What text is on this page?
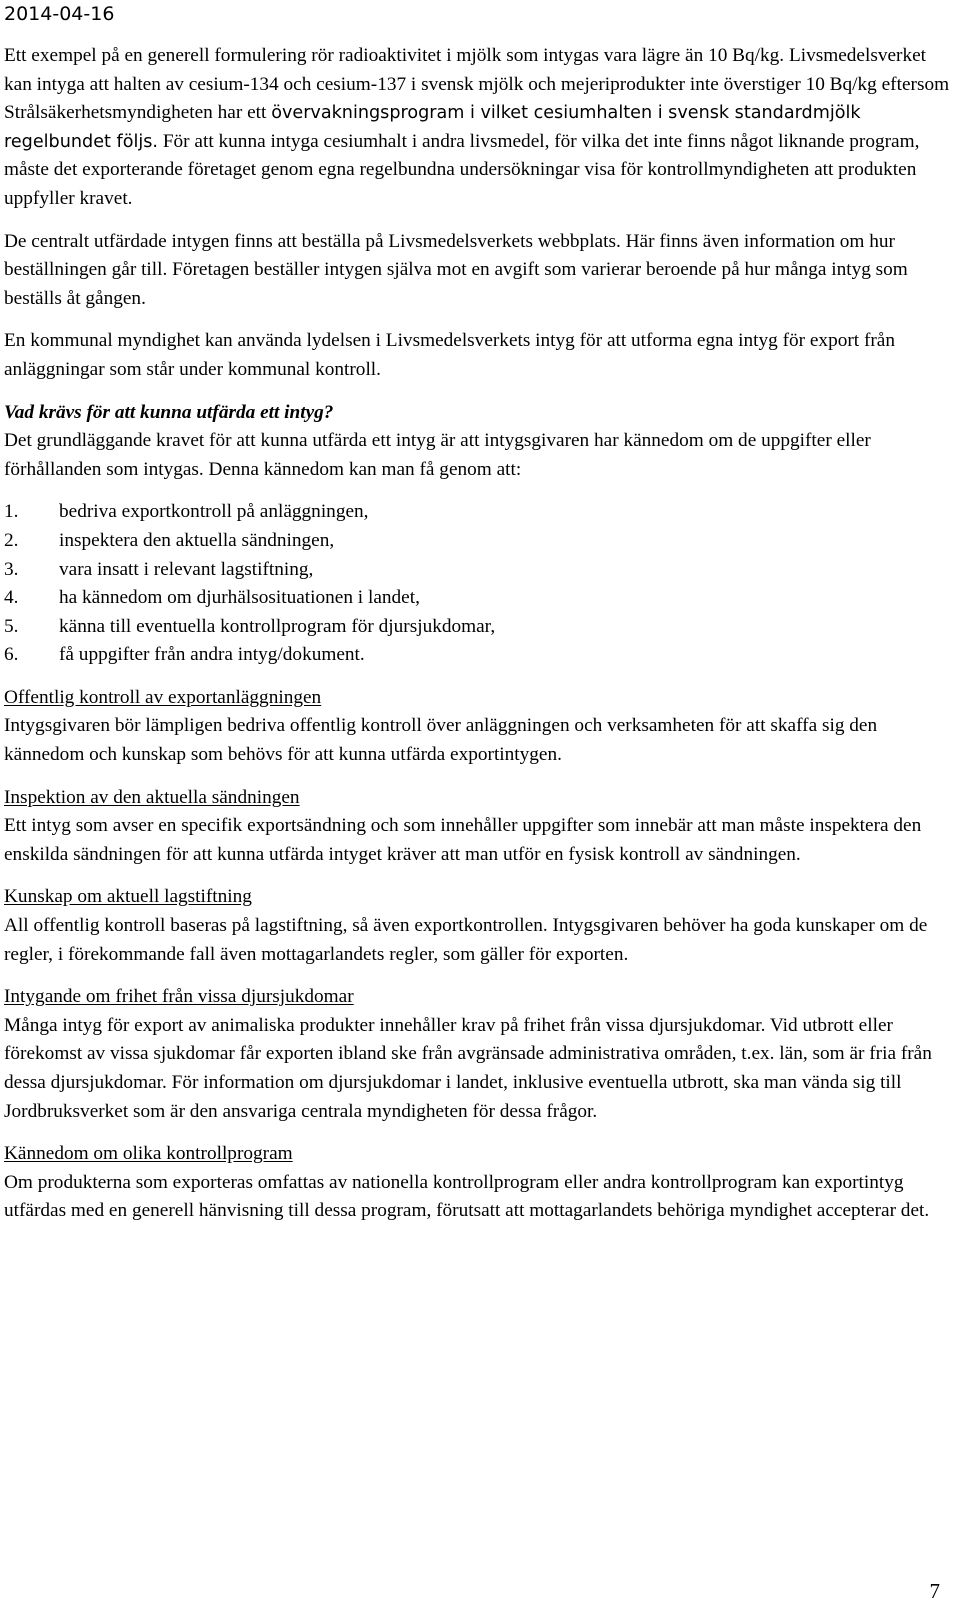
2014-04-16

Ett exempel på en generell formulering rör radioaktivitet i mjölk som intygas vara lägre än 10 Bq/kg. Livsmedelsverket kan intyga att halten av cesium-134 och cesium-137 i svensk mjölk och mejeriprodukter inte överstiger 10 Bq/kg eftersom Strålsäkerhetsmyndigheten har ett övervakningsprogram i vilket cesiumhalten i svensk standardmjölk regelbundet följs. För att kunna intyga cesiumhalt i andra livsmedel, för vilka det inte finns något liknande program, måste det exporterande företaget genom egna regelbundna undersökningar visa för kontrollmyndigheten att produkten uppfyller kravet.

De centralt utfärdade intygen finns att beställa på Livsmedelsverkets webbplats. Här finns även information om hur beställningen går till. Företagen beställer intygen själva mot en avgift som varierar beroende på hur många intyg som beställs åt gången.

En kommunal myndighet kan använda lydelsen i Livsmedelsverkets intyg för att utforma egna intyg för export från anläggningar som står under kommunal kontroll.

Vad krävs för att kunna utfärda ett intyg?

Det grundläggande kravet för att kunna utfärda ett intyg är att intygsgivaren har kännedom om de uppgifter eller förhållanden som intygas. Denna kännedom kan man få genom att:

1.	bedriva exportkontroll på anläggningen,
2.	inspektera den aktuella sändningen,
3.	vara insatt i relevant lagstiftning,
4.	ha kännedom om djurhälsosituationen i landet,
5.	känna till eventuella kontrollprogram för djursjukdomar,
6.	få uppgifter från andra intyg/dokument.

Offentlig kontroll av exportanläggningen

Intygsgivaren bör lämpligen bedriva offentlig kontroll över anläggningen och verksamheten för att skaffa sig den kännedom och kunskap som behövs för att kunna utfärda exportintygen.

Inspektion av den aktuella sändningen

Ett intyg som avser en specifik exportsändning och som innehåller uppgifter som innebär att man måste inspektera den enskilda sändningen för att kunna utfärda intyget kräver att man utför en fysisk kontroll av sändningen.

Kunskap om aktuell lagstiftning

All offentlig kontroll baseras på lagstiftning, så även exportkontrollen. Intygsgivaren behöver ha goda kunskaper om de regler, i förekommande fall även mottagarlandets regler, som gäller för exporten.

Intygande om frihet från vissa djursjukdomar

Många intyg för export av animaliska produkter innehåller krav på frihet från vissa djursjukdomar. Vid utbrott eller förekomst av vissa sjukdomar får exporten ibland ske från avgränsade administrativa områden, t.ex. län, som är fria från dessa djursjukdomar. För information om djursjukdomar i landet, inklusive eventuella utbrott, ska man vända sig till Jordbruksverket som är den ansvariga centrala myndigheten för dessa frågor.

Kännedom om olika kontrollprogram

Om produkterna som exporteras omfattas av nationella kontrollprogram eller andra kontrollprogram kan exportintyg utfärdas med en generell hänvisning till dessa program, förutsatt att mottagarlandets behöriga myndighet accepterar det.

7
